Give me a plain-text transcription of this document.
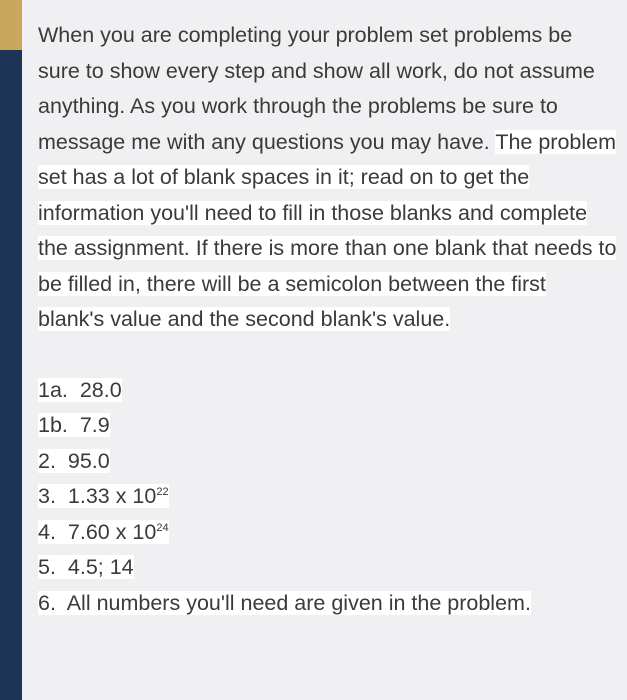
When you are completing your problem set problems be sure to show every step and show all work, do not assume anything. As you work through the problems be sure to message me with any questions you may have. The problem set has a lot of blank spaces in it; read on to get the information you'll need to fill in those blanks and complete the assignment. If there is more than one blank that needs to be filled in, there will be a semicolon between the first blank's value and the second blank's value.

1a. 28.0
1b. 7.9
2. 95.0
3. 1.33 x $10^{22}$
4. 7.60 x $10^{24}$
5. 4.5; 14
6. All numbers you'll need are given in the problem.
